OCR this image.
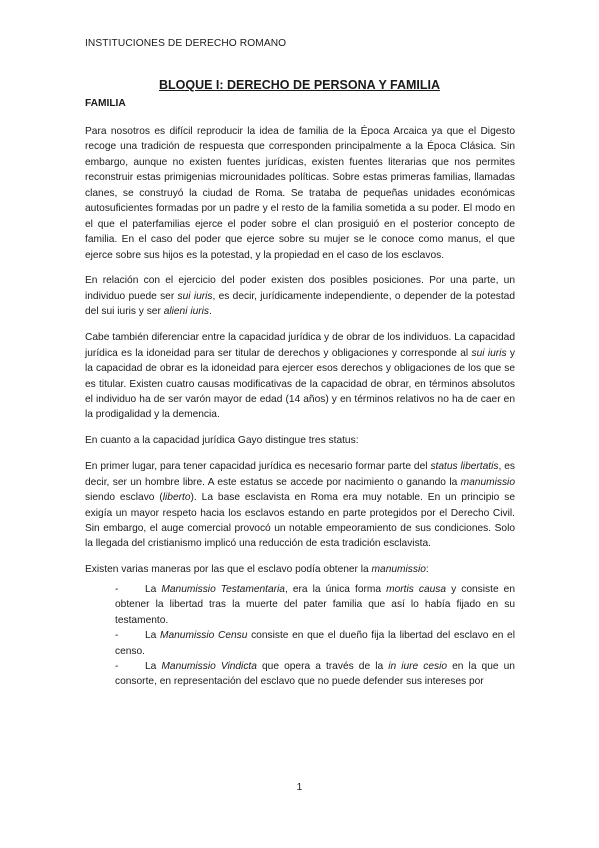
INSTITUCIONES DE DERECHO ROMANO
BLOQUE I: DERECHO DE PERSONA Y FAMILIA
FAMILIA

Para nosotros es difícil reproducir la idea de familia de la Época Arcaica ya que el Digesto recoge una tradición de respuesta que corresponden principalmente a la Época Clásica. Sin embargo, aunque no existen fuentes jurídicas, existen fuentes literarias que nos permites reconstruir estas primigenias microunidades políticas. Sobre estas primeras familias, llamadas clanes, se construyó la ciudad de Roma. Se trataba de pequeñas unidades económicas autosuficientes formadas por un padre y el resto de la familia sometida a su poder. El modo en el que el paterfamilias ejerce el poder sobre el clan prosiguió en el posterior concepto de familia. En el caso del poder que ejerce sobre su mujer se le conoce como manus, el que ejerce sobre sus hijos es la potestad, y la propiedad en el caso de los esclavos.

En relación con el ejercicio del poder existen dos posibles posiciones. Por una parte, un individuo puede ser sui iuris, es decir, jurídicamente independiente, o depender de la potestad del sui iuris y ser alieni iuris.

Cabe también diferenciar entre la capacidad jurídica y de obrar de los individuos. La capacidad jurídica es la idoneidad para ser titular de derechos y obligaciones y corresponde al sui iuris y la capacidad de obrar es la idoneidad para ejercer esos derechos y obligaciones de los que se es titular. Existen cuatro causas modificativas de la capacidad de obrar, en términos absolutos el individuo ha de ser varón mayor de edad (14 años) y en términos relativos no ha de caer en la prodigalidad y la demencia.

En cuanto a la capacidad jurídica Gayo distingue tres status:

En primer lugar, para tener capacidad jurídica es necesario formar parte del status libertatis, es decir, ser un hombre libre. A este estatus se accede por nacimiento o ganando la manumissio siendo esclavo (liberto). La base esclavista en Roma era muy notable. En un principio se exigía un mayor respeto hacia los esclavos estando en parte protegidos por el Derecho Civil. Sin embargo, el auge comercial provocó un notable empeoramiento de sus condiciones. Solo la llegada del cristianismo implicó una reducción de esta tradición esclavista.

Existen varias maneras por las que el esclavo podía obtener la manumissio:

-	La Manumissio Testamentaria, era la única forma mortis causa y consiste en obtener la libertad tras la muerte del pater familia que así lo había fijado en su testamento.
-	La Manumissio Censu consiste en que el dueño fija la libertad del esclavo en el censo.
-	La Manumissio Vindicta que opera a través de la in iure cesio en la que un consorte, en representación del esclavo que no puede defender sus intereses por
1
